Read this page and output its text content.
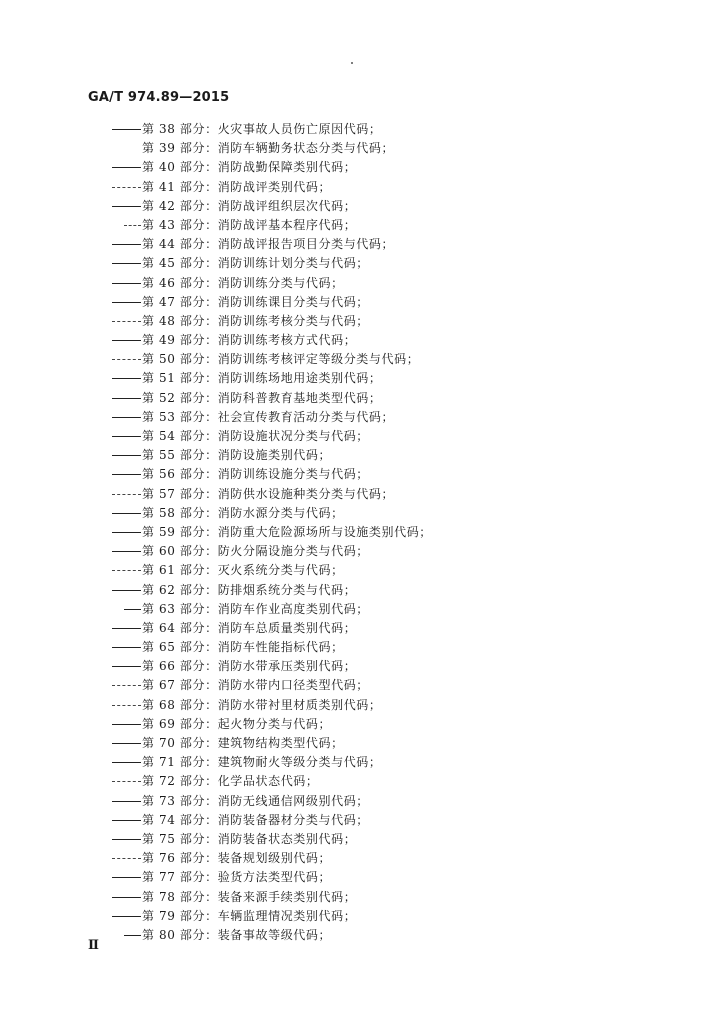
GA/T 974.89—2015
第 38 部分：火灾事故人员伤亡原因代码；
第 39 部分：消防车辆勤务状态分类与代码；
第 40 部分：消防战勤保障类别代码；
第 41 部分：消防战评类别代码；
第 42 部分：消防战评组织层次代码；
第 43 部分：消防战评基本程序代码；
第 44 部分：消防战评报告项目分类与代码；
第 45 部分：消防训练计划分类与代码；
第 46 部分：消防训练分类与代码；
第 47 部分：消防训练课目分类与代码；
第 48 部分：消防训练考核分类与代码；
第 49 部分：消防训练考核方式代码；
第 50 部分：消防训练考核评定等级分类与代码；
第 51 部分：消防训练场地用途类别代码；
第 52 部分：消防科普教育基地类型代码；
第 53 部分：社会宣传教育活动分类与代码；
第 54 部分：消防设施状况分类与代码；
第 55 部分：消防设施类别代码；
第 56 部分：消防训练设施分类与代码；
第 57 部分：消防供水设施种类分类与代码；
第 58 部分：消防水源分类与代码；
第 59 部分：消防重大危险源场所与设施类别代码；
第 60 部分：防火分隔设施分类与代码；
第 61 部分：灭火系统分类与代码；
第 62 部分：防排烟系统分类与代码；
第 63 部分：消防车作业高度类别代码；
第 64 部分：消防车总质量类别代码；
第 65 部分：消防车性能指标代码；
第 66 部分：消防水带承压类别代码；
第 67 部分：消防水带内口径类型代码；
第 68 部分：消防水带衬里材质类别代码；
第 69 部分：起火物分类与代码；
第 70 部分：建筑物结构类型代码；
第 71 部分：建筑物耐火等级分类与代码；
第 72 部分：化学品状态代码；
第 73 部分：消防无线通信网级别代码；
第 74 部分：消防装备器材分类与代码；
第 75 部分：消防装备状态类别代码；
第 76 部分：装备规划级别代码；
第 77 部分：验货方法类型代码；
第 78 部分：装备来源手续类别代码；
第 79 部分：车辆监理情况类别代码；
第 80 部分：装备事故等级代码；
Ⅱ
